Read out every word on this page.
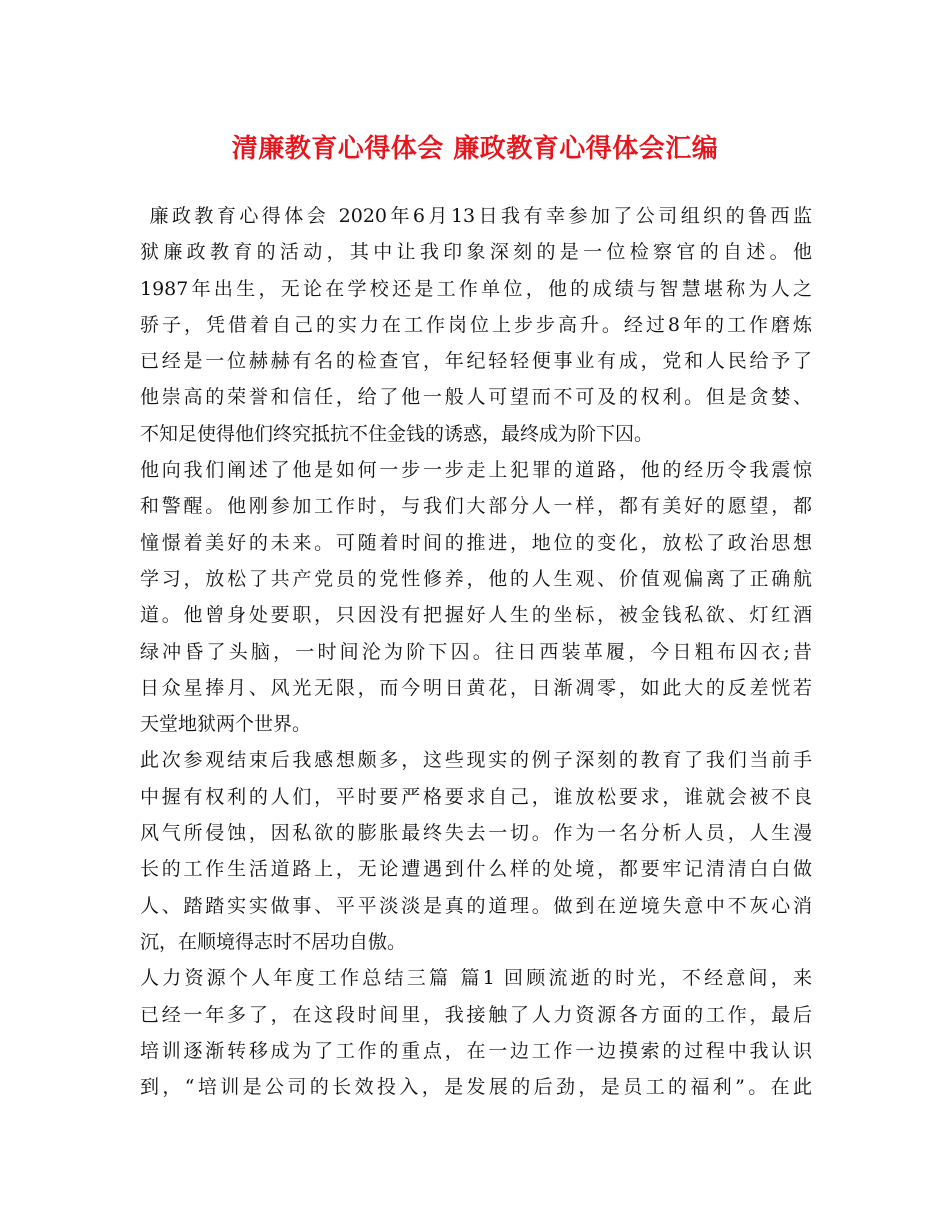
清廉教育心得体会 廉政教育心得体会汇编
廉政教育心得体会 2020年6月13日我有幸参加了公司组织的鲁西监
狱廉政教育的活动，其中让我印象深刻的是一位检察官的自述。他
1987年出生，无论在学校还是工作单位，他的成绩与智慧堪称为人之
骄子，凭借着自己的实力在工作岗位上步步高升。经过8年的工作磨炼
已经是一位赫赫有名的检查官，年纪轻轻便事业有成，党和人民给予了
他崇高的荣誉和信任，给了他一般人可望而不可及的权利。但是贪婪、
不知足使得他们终究抵抗不住金钱的诱惑，最终成为阶下囚。
他向我们阐述了他是如何一步一步走上犯罪的道路，他的经历令我震惊
和警醒。他刚参加工作时，与我们大部分人一样，都有美好的愿望，都
憧憬着美好的未来。可随着时间的推进，地位的变化，放松了政治思想
学习，放松了共产党员的党性修养，他的人生观、价值观偏离了正确航
道。他曾身处要职，只因没有把握好人生的坐标，被金钱私欲、灯红酒
绿冲昏了头脑，一时间沦为阶下囚。往日西装革履，今日粗布囚衣;昔
日众星捧月、风光无限，而今明日黄花，日渐凋零，如此大的反差恍若
天堂地狱两个世界。
此次参观结束后我感想颇多，这些现实的例子深刻的教育了我们当前手
中握有权利的人们，平时要严格要求自己，谁放松要求，谁就会被不良
风气所侵蚀，因私欲的膨胀最终失去一切。作为一名分析人员，人生漫
长的工作生活道路上，无论遭遇到什么样的处境，都要牢记清清白白做
人、踏踏实实做事、平平淡淡是真的道理。做到在逆境失意中不灰心消
沉，在顺境得志时不居功自傲。
人力资源个人年度工作总结三篇 篇1 回顾流逝的时光，不经意间，来
已经一年多了，在这段时间里，我接触了人力资源各方面的工作，最后
培训逐渐转移成为了工作的重点，在一边工作一边摸索的过程中我认识
到，“培训是公司的长效投入，是发展的后劲，是员工的福利”。在此
